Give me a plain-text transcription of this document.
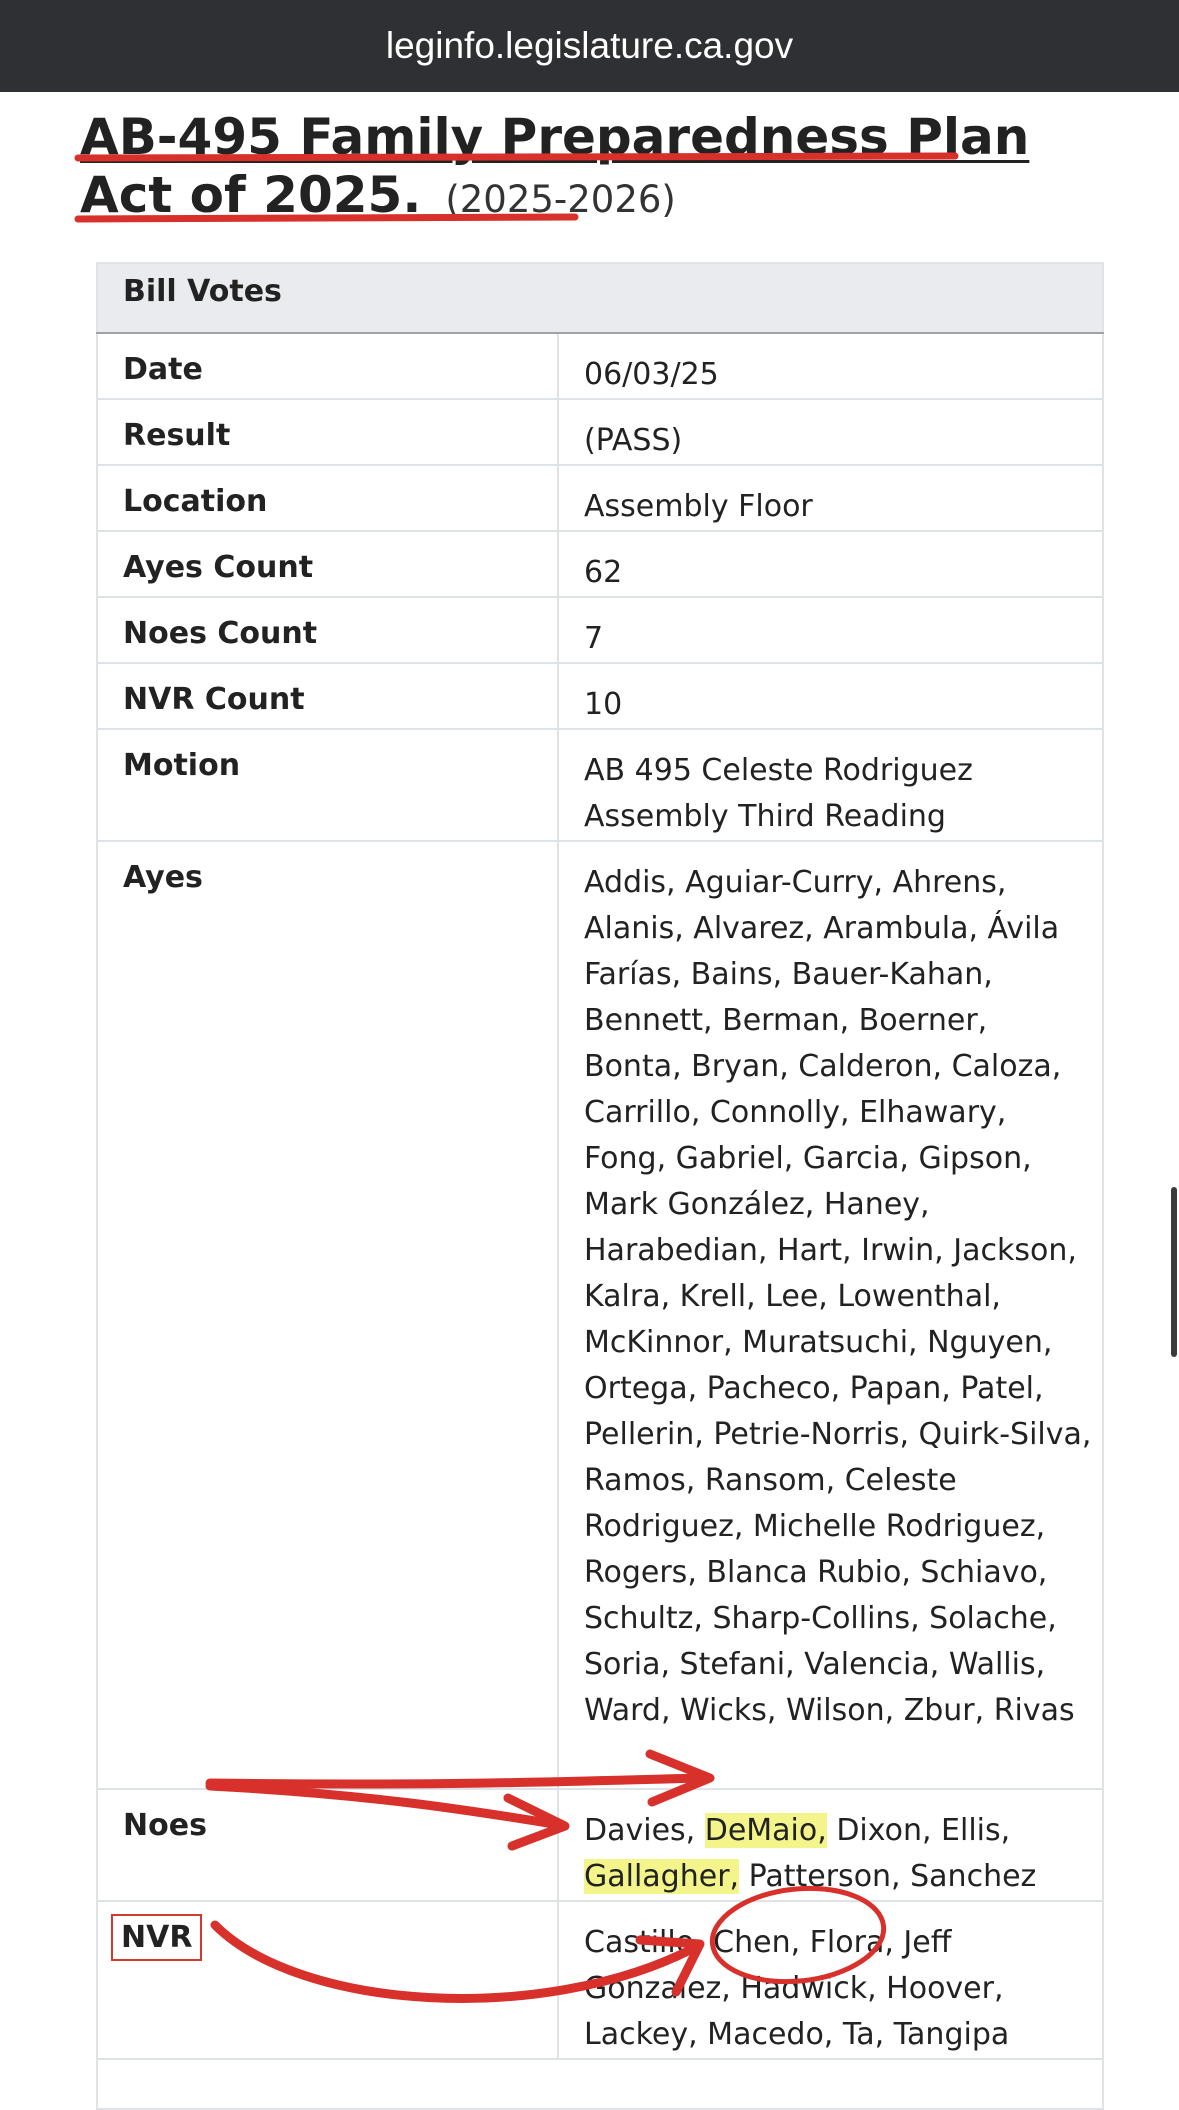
leginfo.legislature.ca.gov
AB-495 Family Preparedness Plan Act of 2025. (2025-2026)
Bill Votes	
Date	06/03/25
Result	(PASS)
Location	Assembly Floor
Ayes Count	62
Noes Count	7
NVR Count	10
Motion	AB 495 Celeste Rodriguez Assembly Third Reading
Ayes	Addis, Aguiar-Curry, Ahrens, Alanis, Alvarez, Arambula, Ávila Farías, Bains, Bauer-Kahan, Bennett, Berman, Boerner, Bonta, Bryan, Calderon, Caloza, Carrillo, Connolly, Elhawary, Fong, Gabriel, Garcia, Gipson, Mark González, Haney, Harabedian, Hart, Irwin, Jackson, Kalra, Krell, Lee, Lowenthal, McKinnor, Muratsuchi, Nguyen, Ortega, Pacheco, Papan, Patel, Pellerin, Petrie-Norris, Quirk-Silva, Ramos, Ransom, Celeste Rodriguez, Michelle Rodriguez, Rogers, Blanca Rubio, Schiavo, Schultz, Sharp-Collins, Solache, Soria, Stefani, Valencia, Wallis, Ward, Wicks, Wilson, Zbur, Rivas
Noes	Davies, DeMaio, Dixon, Ellis, Gallagher, Patterson, Sanchez
NVR	Castillo, Chen, Flora, Jeff Gonzalez, Hadwick, Hoover, Lackey, Macedo, Ta, Tangipa
